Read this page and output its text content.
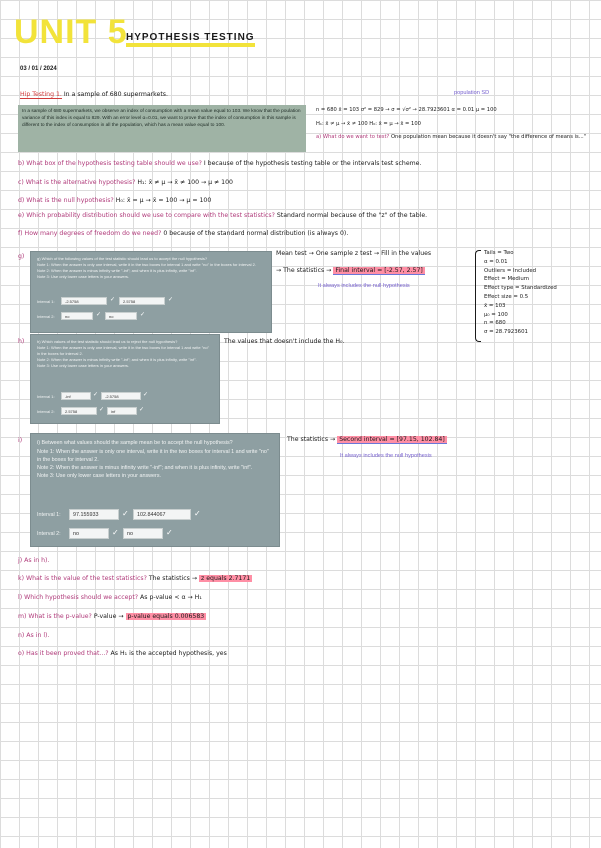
UNIT 5
HYPOTHESIS TESTING
03 / 01 / 2024
Hip Testing 1. In a sample of 680 supermarkets.
In a sample of 680 supermarkets, we observe an index of consumption with a mean value equal to 103. We know that the poulation variance of this index is equal to 829. With an error level α=0.01, we want to prove that the index of consumption in this sample is different to the index of consumption in all the population, which has a mean value equal to 100.
population SD
n = 680 x̄ = 103 σ² = 829 → σ = √σ² → 28.7923601 α = 0.01 μ = 100
H₁: x̄ ≠ μ → x̄ ≠ 100 H₀: x̄ = μ → x̄ = 100
a) What do we want to test? One population mean because it doesn't say "the difference of means is..."
b) What box of the hypothesis testing table should we use? I because of the hypothesis testing table or the intervals test scheme.
c) What is the alternative hypothesis? H₁: x̄ ≠ μ → x̄ ≠ 100 → μ ≠ 100
d) What is the null hypothesis? H₀: x̄ = μ → x̄ = 100 → μ = 100
e) Which probability distribution should we use to compare with the test statistics? Standard normal because of the "z" of the table.
f) How many degrees of freedom do we need? 0 because of the standard normal distribution (is always 0).
g)	g) Which of the following values of the test statistic should lead us to accept the null hypothesis?
Note 1: When the answer is only one interval, write it in the two boxes for interval 1 and write "no" in the boxes for interval 2.
Note 2: When the answer is minus infinity write "-inf"; and when it is plus infinity, write "inf".
Note 3: Use only lower case letters in your answers.
Interval 1:	-2.5758	✓	2.5758	✓
Interval 2:	no	✓	no	✓
Mean test → One sample z test → Fill in the values
→ The statistics → Final interval = [-2.57, 2.57]
It always includes the null hypothesis
Tails = Two
α = 0.01
Outliers = Included
Effect = Medium
Effect type = Standardized
Effect size = 0.5
x̄ = 103
μ₀ = 100
n = 680
σ = 28.7923601
h)	h) Which values of the test statistic should lead us to reject the null hypothesis?
Note 1: When the answer is only one interval, write it in the two boxes for interval 1 and write "no" in the boxes for interval 2.
Note 2: When the answer is minus infinity write "-inf"; and when it is plus infinity, write "inf".
Note 3: Use only lower case letters in your answers.
Interval 1:	-inf	✓	-2.5758	✓
Interval 2:	2.5758	✓	inf	✓
The values that doesn't include the H₀.
i)	i) Between what values should the sample mean be to accept the null hypothesis?
Note 1: When the answer is only one interval, write it in the two boxes for interval 1 and write "no" in the boxes for interval 2.
Note 2: When the answer is minus infinity write "-inf"; and when it is plus infinity, write "inf".
Note 3: Use only lower case letters in your answers.
Interval 1:	97.155933	✓	102.844067	✓
Interval 2:	no	✓	no	✓
The statistics → Second interval = [97.15, 102.84]
It always includes the null hypothesis
j) As in h).
k) What is the value of the test statistics? The statistics → z equals 2.7171
l) Which hypothesis should we accept? As p-value < α → H₁
m) What is the p-value? P-value → p-value equals 0.006583
n) As in l).
o) Has it been proved that...? As H₁ is the accepted hypothesis, yes
